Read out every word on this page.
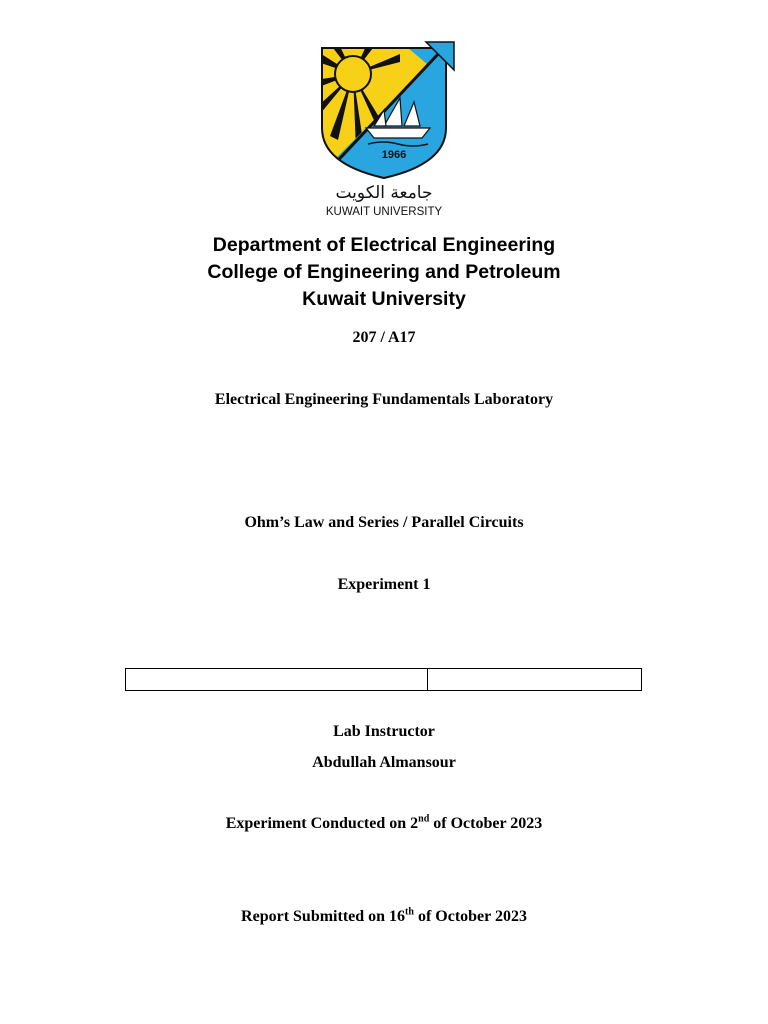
1966
جامعة الكويت
KUWAIT UNIVERSITY
Department of Electrical Engineering
College of Engineering and Petroleum
Kuwait University
207 / A17
Electrical Engineering Fundamentals Laboratory
Ohm’s Law and Series / Parallel Circuits
Experiment 1
Lab Instructor
Abdullah Almansour
Experiment Conducted on 2nd of October 2023
Report Submitted on 16th of October 2023
